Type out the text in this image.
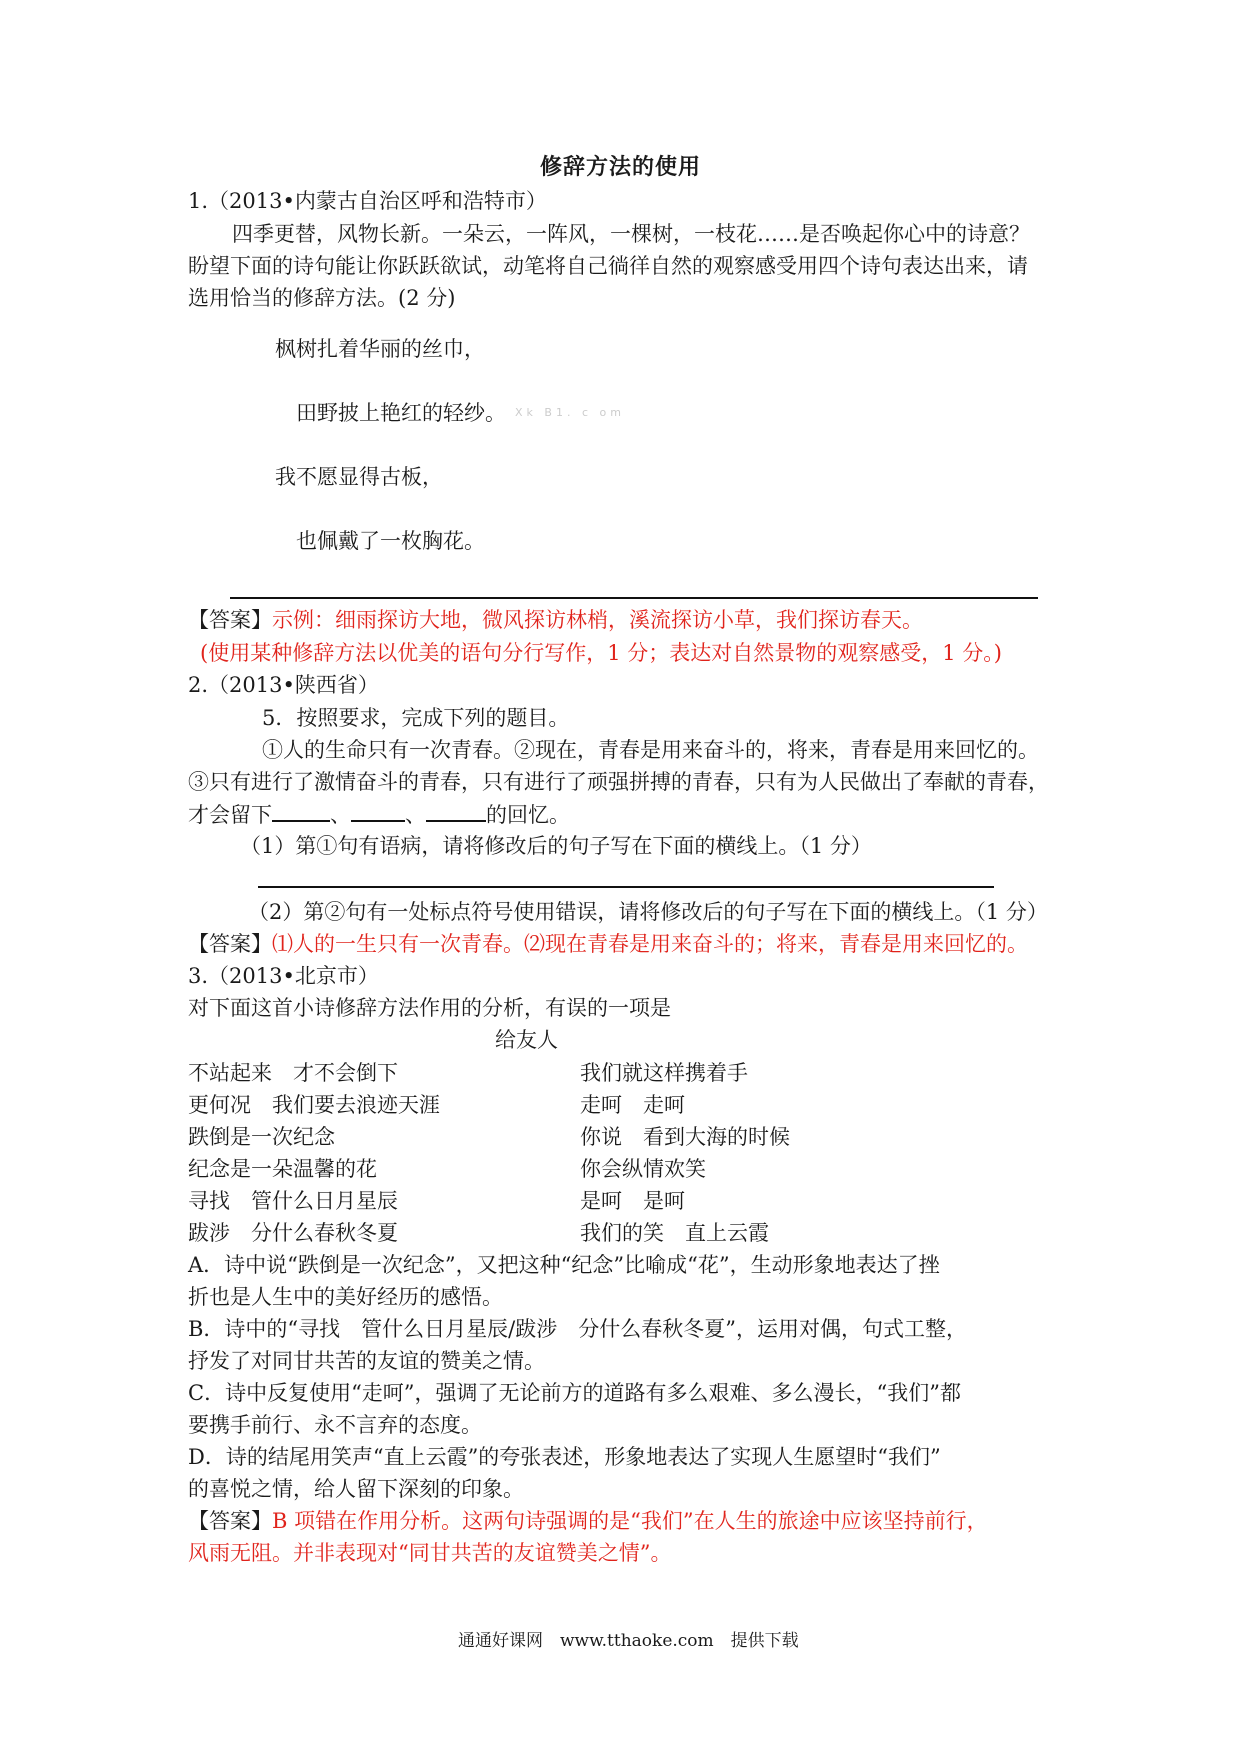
修辞方法的使用
1.（2013•内蒙古自治区呼和浩特市）
四季更替，风物长新。一朵云，一阵风，一棵树，一枝花……是否唤起你心中的诗意？
盼望下面的诗句能让你跃跃欲试，动笔将自己徜徉自然的观察感受用四个诗句表达出来，请
选用恰当的修辞方法。(2 分)
枫树扎着华丽的丝巾，
田野披上艳红的轻纱。 Xk B1. c om
我不愿显得古板，
也佩戴了一枚胸花。
【答案】示例：细雨探访大地，微风探访林梢，溪流探访小草，我们探访春天。
(使用某种修辞方法以优美的语句分行写作，1 分；表达对自然景物的观察感受，1 分。)
2.（2013•陕西省）
5．按照要求，完成下列的题目。
①人的生命只有一次青春。②现在，青春是用来奋斗的，将来，青春是用来回忆的。
③只有进行了激情奋斗的青春，只有进行了顽强拼搏的青春，只有为人民做出了奉献的青春，
才会留下	、	、	的回忆。
（1）第①句有语病，请将修改后的句子写在下面的横线上。（1 分）
（2）第②句有一处标点符号使用错误，请将修改后的句子写在下面的横线上。（1 分）
【答案】⑴人的一生只有一次青春。⑵现在青春是用来奋斗的；将来，青春是用来回忆的。
3.（2013•北京市）
对下面这首小诗修辞方法作用的分析，有误的一项是
给友人
不站起来　才不会倒下
更何况　我们要去浪迹天涯
跌倒是一次纪念
纪念是一朵温馨的花
寻找　管什么日月星辰
跋涉　分什么春秋冬夏
我们就这样携着手
走呵　走呵
你说　看到大海的时候
你会纵情欢笑
是呵　是呵
我们的笑　直上云霞
A．诗中说“跌倒是一次纪念”，又把这种“纪念”比喻成“花”，生动形象地表达了挫
折也是人生中的美好经历的感悟。
B．诗中的“寻找　管什么日月星辰/跋涉　分什么春秋冬夏”，运用对偶，句式工整，
抒发了对同甘共苦的友谊的赞美之情。
C．诗中反复使用“走呵”，强调了无论前方的道路有多么艰难、多么漫长，“我们”都
要携手前行、永不言弃的态度。
D．诗的结尾用笑声“直上云霞”的夸张表述，形象地表达了实现人生愿望时“我们”
的喜悦之情，给人留下深刻的印象。
【答案】B 项错在作用分析。这两句诗强调的是“我们”在人生的旅途中应该坚持前行，
风雨无阻。并非表现对“同甘共苦的友谊赞美之情”。
通通好课网　www.tthaoke.com　提供下载
